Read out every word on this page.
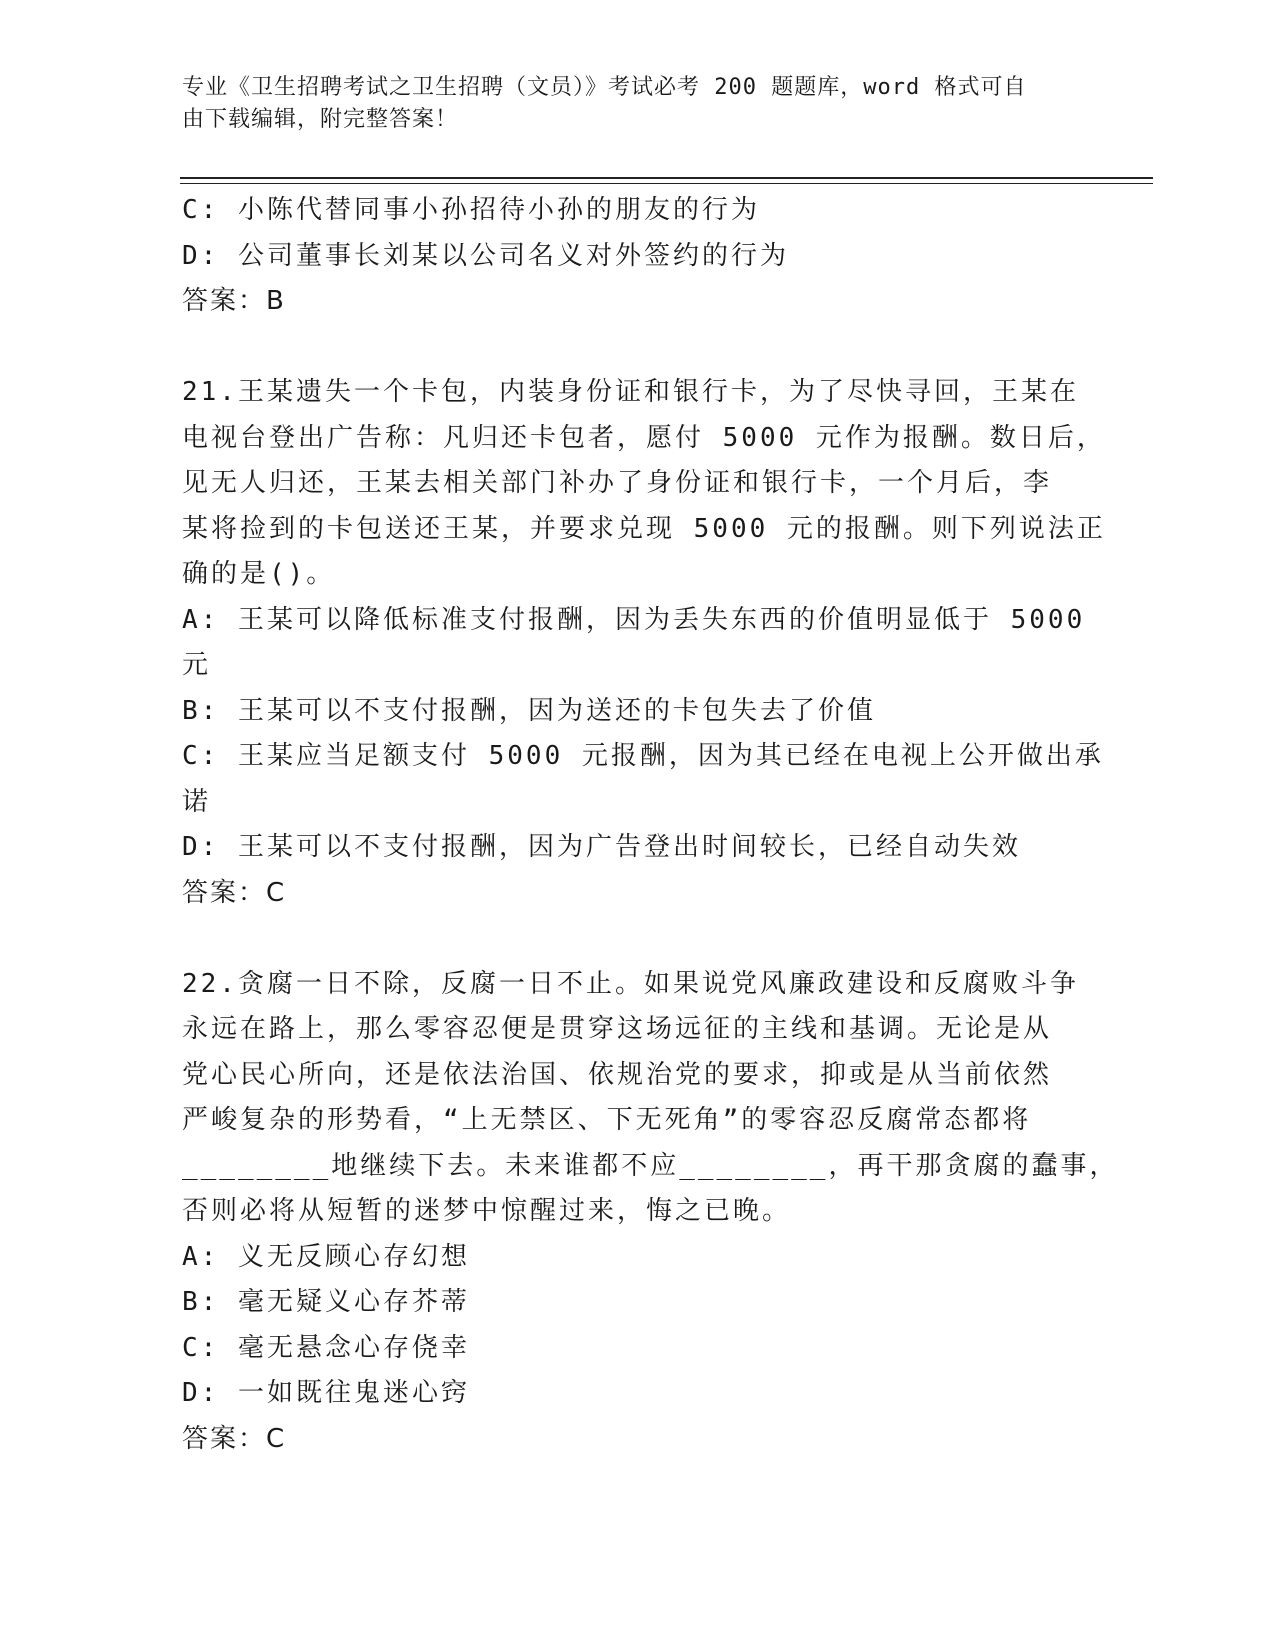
专业《卫生招聘考试之卫生招聘（文员）》考试必考 200 题题库，word 格式可自
由下载编辑，附完整答案！
C: 小陈代替同事小孙招待小孙的朋友的行为
D: 公司董事长刘某以公司名义对外签约的行为
答案：B
21.王某遗失一个卡包，内装身份证和银行卡，为了尽快寻回，王某在
电视台登出广告称：凡归还卡包者，愿付 5000 元作为报酬。数日后，
见无人归还，王某去相关部门补办了身份证和银行卡，一个月后，李
某将捡到的卡包送还王某，并要求兑现 5000 元的报酬。则下列说法正
确的是()。
A: 王某可以降低标准支付报酬，因为丢失东西的价值明显低于 5000
元
B: 王某可以不支付报酬，因为送还的卡包失去了价值
C: 王某应当足额支付 5000 元报酬，因为其已经在电视上公开做出承
诺
D: 王某可以不支付报酬，因为广告登出时间较长，已经自动失效
答案：C
22.贪腐一日不除，反腐一日不止。如果说党风廉政建设和反腐败斗争
永远在路上，那么零容忍便是贯穿这场远征的主线和基调。无论是从
党心民心所向，还是依法治国、依规治党的要求，抑或是从当前依然
严峻复杂的形势看，“上无禁区、下无死角”的零容忍反腐常态都将
________地继续下去。未来谁都不应________，再干那贪腐的蠢事，
否则必将从短暂的迷梦中惊醒过来，悔之已晚。
A: 义无反顾心存幻想
B: 毫无疑义心存芥蒂
C: 毫无悬念心存侥幸
D: 一如既往鬼迷心窍
答案：C
